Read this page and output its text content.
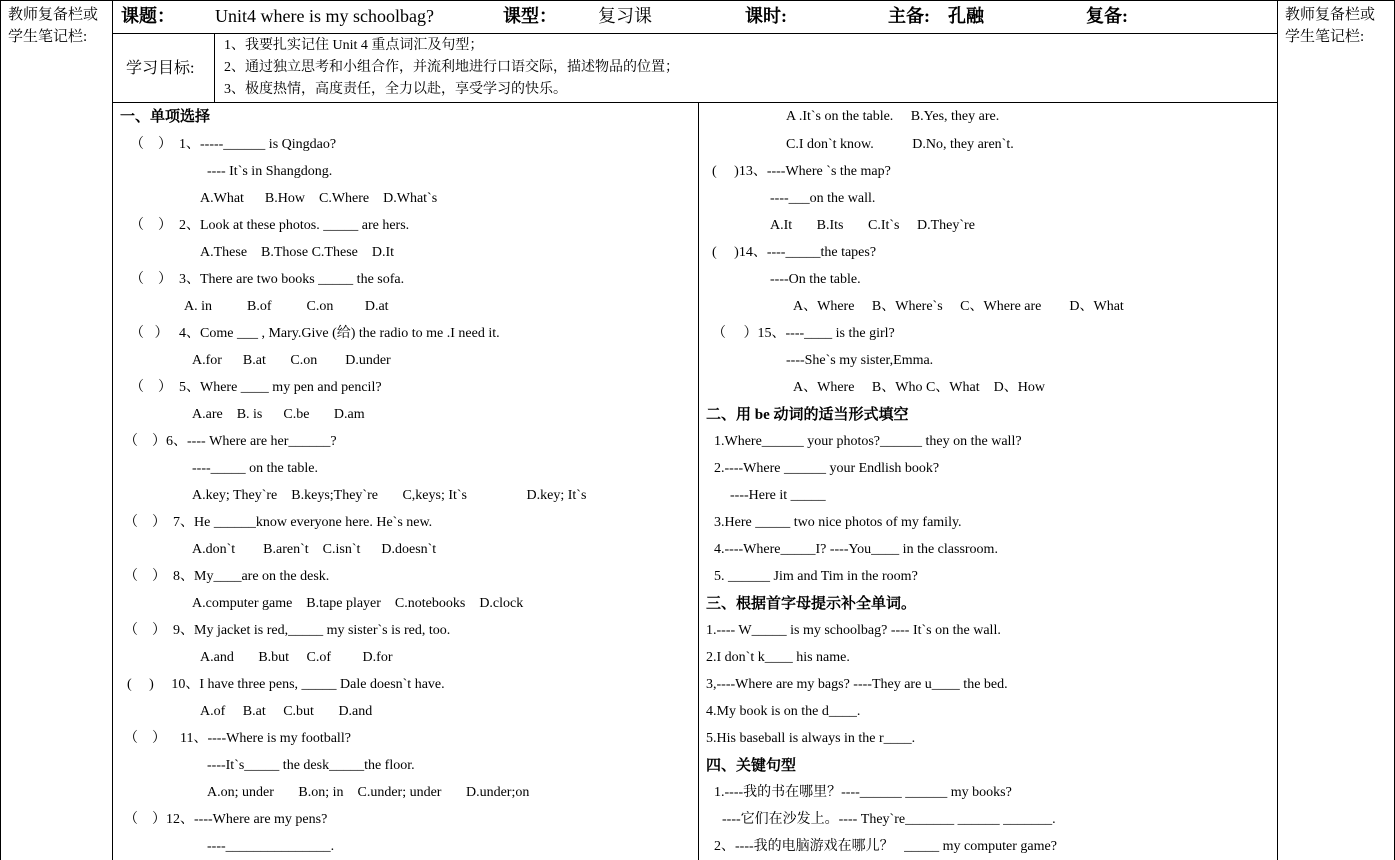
教师复备栏或
学生笔记栏:
教师复备栏或
学生笔记栏:
课题： Unit4 where is my schoolbag?	课型： 复习课	课时:	主备: 孔融	复备:
学习目标:
1、我要扎实记住 Unit 4 重点词汇及句型；
2、通过独立思考和小组合作，并流利地进行口语交际，描述物品的位置；
3、极度热情，高度责任，全力以赴，享受学习的快乐。
一、单项选择
（    ）  1、-----______ is Qingdao?
---- It`s in Shangdong.
A.What      B.How    C.Where    D.What`s
（    ）  2、Look at these photos. _____ are hers.
A.These    B.Those C.These    D.It
（    ）  3、There are two books _____ the sofa.
A. in          B.of          C.on         D.at
（   ）   4、Come ___ , Mary.Give (给) the radio to me .I need it.
A.for      B.at       C.on        D.under
（    ）  5、Where ____ my pen and pencil?
A.are    B. is      C.be       D.am
（    ）6、---- Where are her______?
----_____ on the table.
A.key; They`re    B.keys;They`re       C,keys; It`s                 D.key; It`s
（    ）  7、He ______know everyone here. He`s new.
A.don`t        B.aren`t    C.isn`t      D.doesn`t
（    ）  8、My____are on the desk.
A.computer game    B.tape player    C.notebooks    D.clock
（    ）  9、My jacket is red,_____ my sister`s is red, too.
A.and       B.but     C.of         D.for
(     )     10、I have three pens, _____ Dale doesn`t have.
A.of     B.at     C.but       D.and
（    ）    11、----Where is my football?
----It`s_____ the desk_____the floor.
A.on; under       B.on; in    C.under; under       D.under;on
（    ）12、----Where are my pens?
----_______________.
A .It`s on the table.     B.Yes, they are.
C.I don`t know.           D.No, they aren`t.
(     )13、----Where `s the map?
----___on the wall.
A.It       B.Its       C.It`s     D.They`re
(     )14、----_____the tapes?
----On the table.
A、Where     B、Where`s     C、Where are        D、What
（     ）15、----____ is the girl?
----She`s my sister,Emma.
A、Where     B、Who C、What    D、How
二、用 be 动词的适当形式填空
1.Where______ your photos?______ they on the wall?
2.----Where ______ your Endlish book?
----Here it _____
3.Here _____ two nice photos of my family.
4.----Where_____I? ----You____ in the classroom.
5. ______ Jim and Tim in the room?
三、根据首字母提示补全单词。
1.---- W_____ is my schoolbag? ---- It`s on the wall.
2.I don`t k____ his name.
3,----Where are my bags? ----They are u____ the bed.
4.My book is on the d____.
5.His baseball is always in the r____.
四、关键句型
1.----我的书在哪里？----______ ______ my books?
----它们在沙发上。---- They`re_______ ______ _______.
2、----我的电脑游戏在哪儿？   _____ my computer game?
